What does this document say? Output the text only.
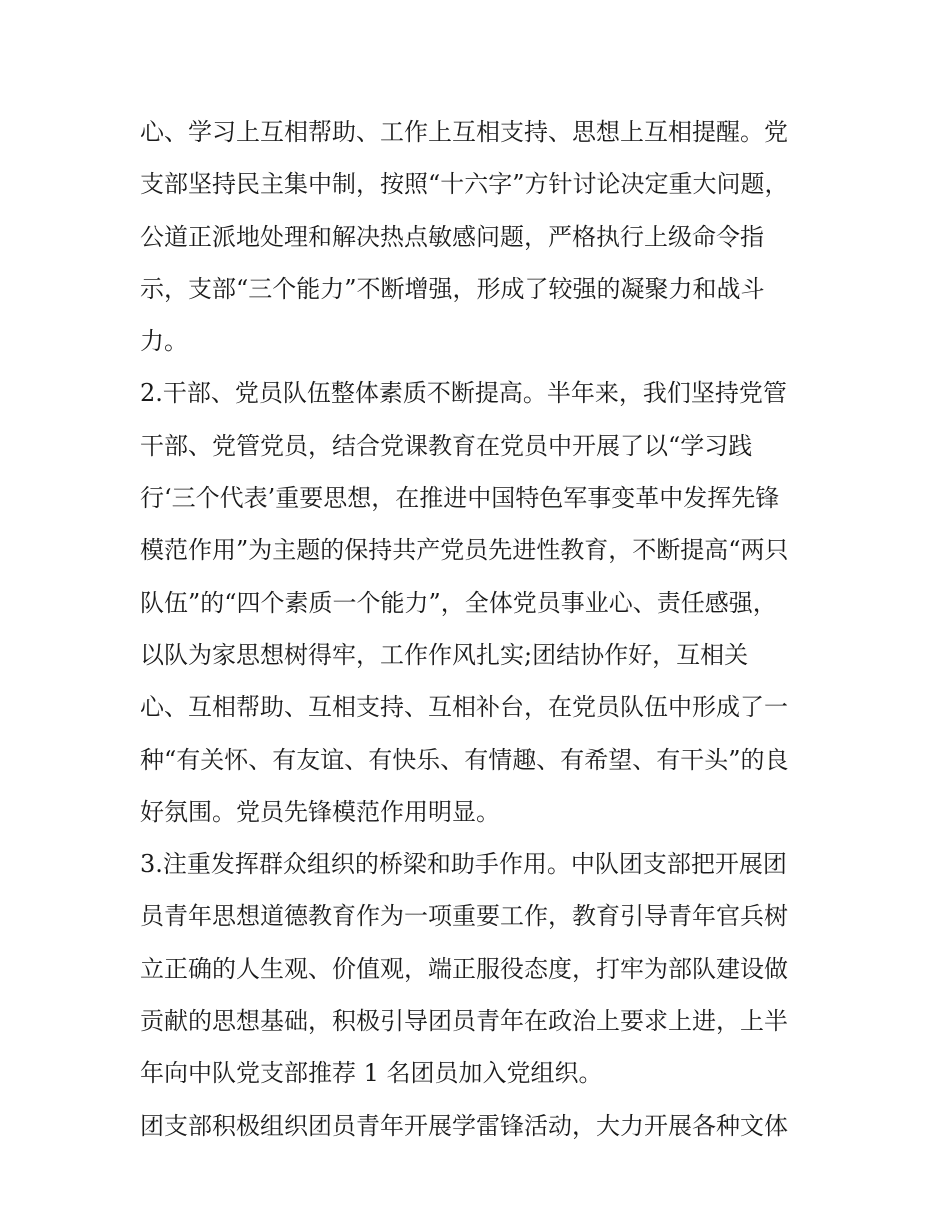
心、学习上互相帮助、工作上互相支持、思想上互相提醒。党
支部坚持民主集中制，按照“十六字”方针讨论决定重大问题，
公道正派地处理和解决热点敏感问题，严格执行上级命令指
示，支部“三个能力”不断增强，形成了较强的凝聚力和战斗
力。
2.干部、党员队伍整体素质不断提高。半年来，我们坚持党管
干部、党管党员，结合党课教育在党员中开展了以“学习践
行‘三个代表’重要思想，在推进中国特色军事变革中发挥先锋
模范作用”为主题的保持共产党员先进性教育，不断提高“两只
队伍”的“四个素质一个能力”，全体党员事业心、责任感强，
以队为家思想树得牢，工作作风扎实;团结协作好，互相关
心、互相帮助、互相支持、互相补台，在党员队伍中形成了一
种“有关怀、有友谊、有快乐、有情趣、有希望、有干头”的良
好氛围。党员先锋模范作用明显。
3.注重发挥群众组织的桥梁和助手作用。中队团支部把开展团
员青年思想道德教育作为一项重要工作，教育引导青年官兵树
立正确的人生观、价值观，端正服役态度，打牢为部队建设做
贡献的思想基础，积极引导团员青年在政治上要求上进，上半
年向中队党支部推荐 1 名团员加入党组织。
团支部积极组织团员青年开展学雷锋活动，大力开展各种文体
